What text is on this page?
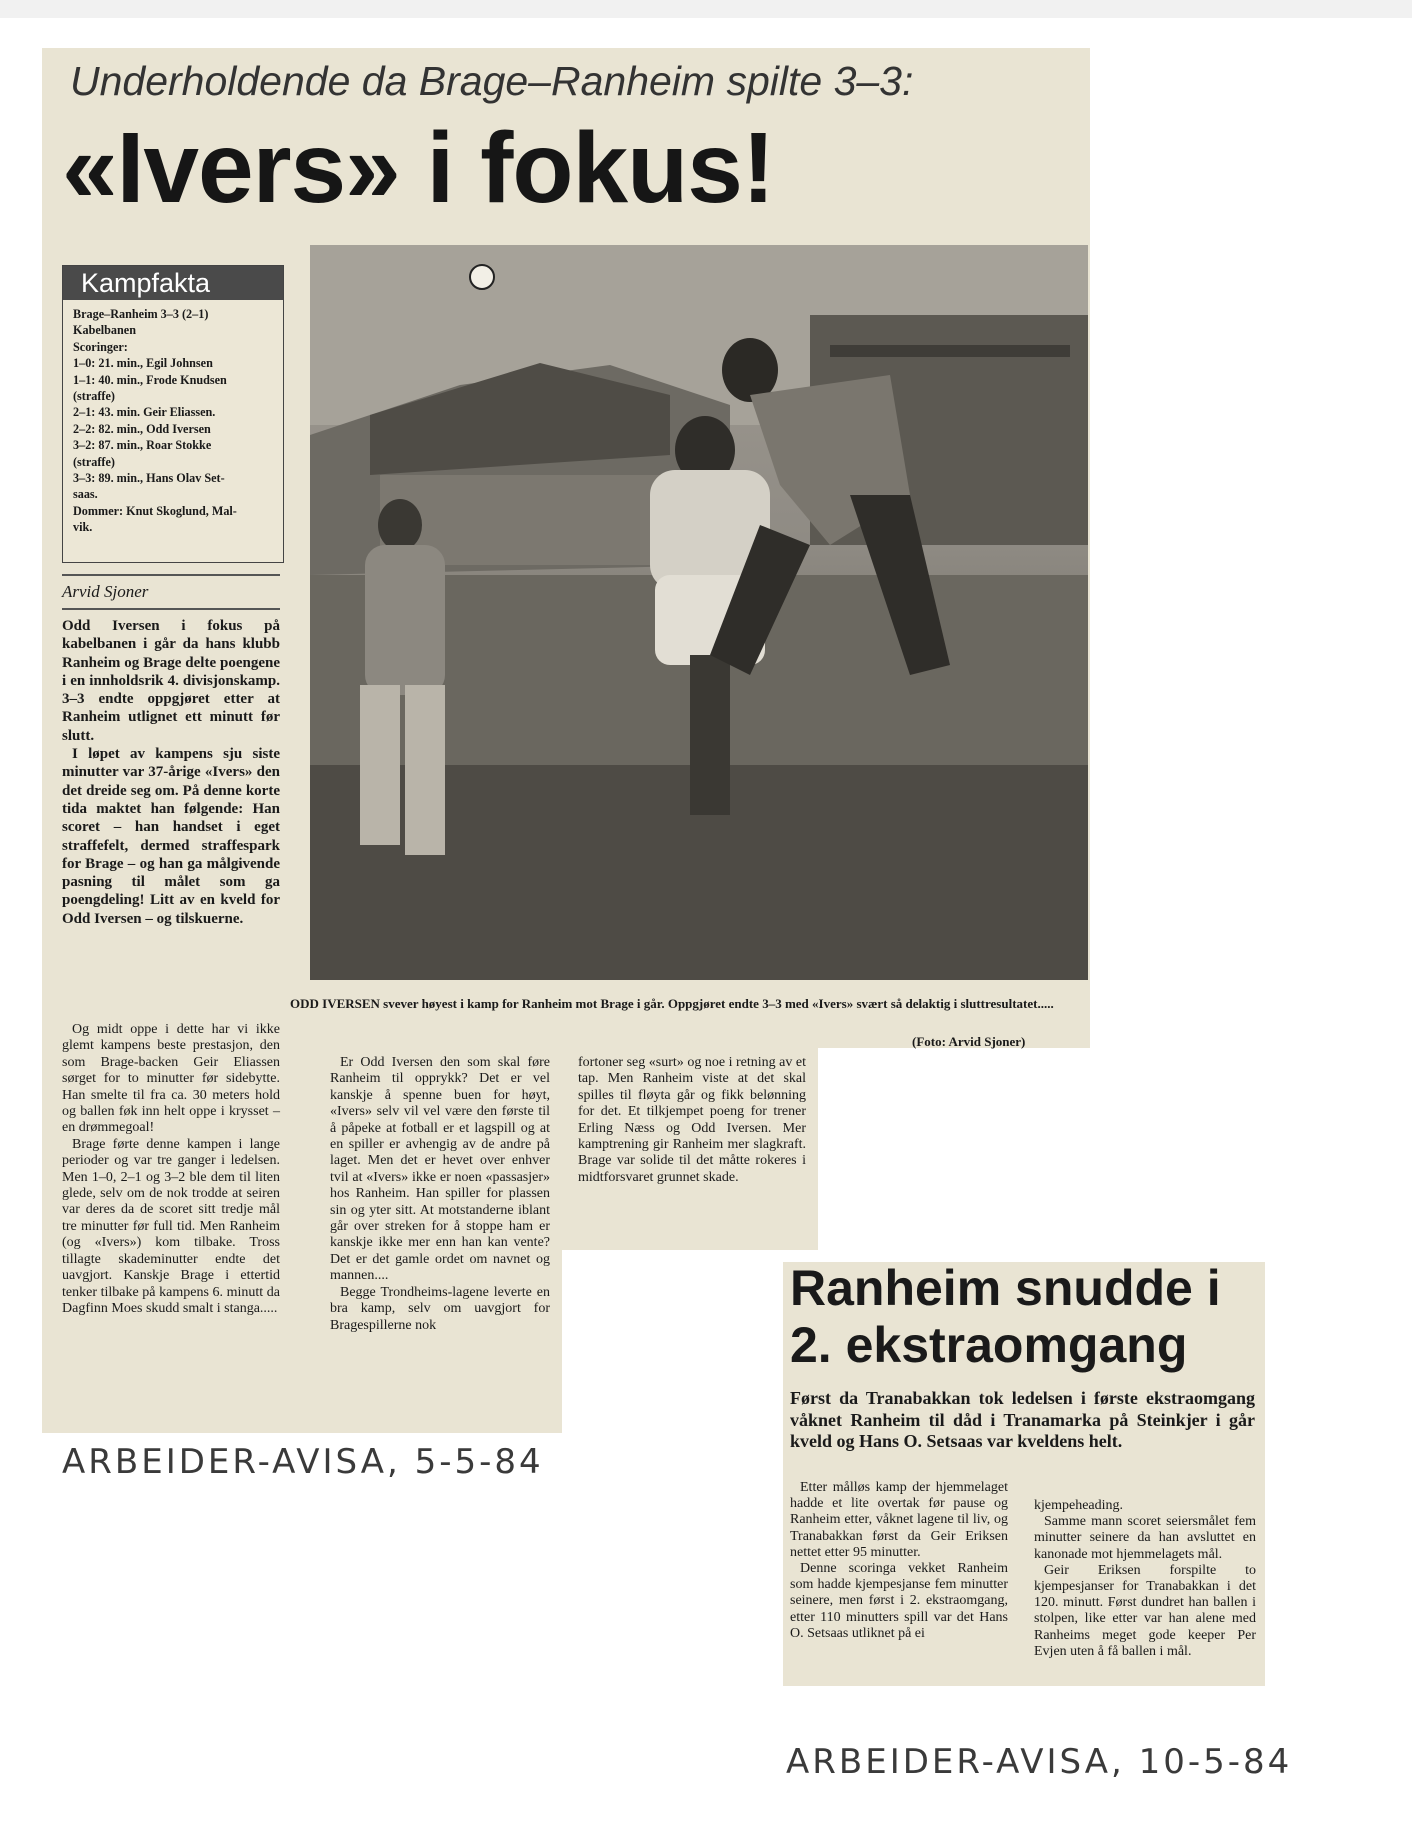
Underholdende da Brage–Ranheim spilte 3–3:
«Ivers» i fokus!
Kampfakta
Brage–Ranheim 3–3 (2–1)
Kabelbanen
Scoringer:
1–0: 21. min., Egil Johnsen
1–1: 40. min., Frode Knudsen
(straffe)
2–1: 43. min. Geir Eliassen.
2–2: 82. min., Odd Iversen
3–2: 87. min., Roar Stokke
(straffe)
3–3: 89. min., Hans Olav Set-
saas.
Dommer: Knut Skoglund, Mal-
vik.
Arvid Sjoner

Odd Iversen i fokus på kabelbanen i går da hans klubb Ranheim og Brage delte poengene i en innholdsrik 4. divisjonskamp. 3–3 endte oppgjøret etter at Ranheim utlignet ett minutt før slutt.

I løpet av kampens sju siste minutter var 37-årige «Ivers» den det dreide seg om. På denne korte tida maktet han følgende: Han scoret – han handset i eget straffefelt, dermed straffespark for Brage – og han ga målgivende pasning til målet som ga poengdeling! Litt av en kveld for Odd Iversen – og tilskuerne.

ODD IVERSEN svever høyest i kamp for Ranheim mot Brage i går. Oppgjøret endte 3–3 med «Ivers» svært så delaktig i sluttresultatet.....
(Foto: Arvid Sjoner)

Og midt oppe i dette har vi ikke glemt kampens beste prestasjon, den som Brage-backen Geir Eliassen sørget for to minutter før sidebytte. Han smelte til fra ca. 30 meters hold og ballen føk inn helt oppe i krysset – en drømmegoal!

Brage førte denne kampen i lange perioder og var tre ganger i ledelsen. Men 1–0, 2–1 og 3–2 ble dem til liten glede, selv om de nok trodde at seiren var deres da de scoret sitt tredje mål tre minutter før full tid. Men Ranheim (og «Ivers») kom tilbake. Tross tillagte skademinutter endte det uavgjort. Kanskje Brage i ettertid tenker tilbake på kampens 6. minutt da Dagfinn Moes skudd smalt i stanga.....

Er Odd Iversen den som skal føre Ranheim til opprykk? Det er vel kanskje å spenne buen for høyt, «Ivers» selv vil vel være den første til å påpeke at fotball er et lagspill og at en spiller er avhengig av de andre på laget. Men det er hevet over enhver tvil at «Ivers» ikke er noen «passasjer» hos Ranheim. Han spiller for plassen sin og yter sitt. At motstanderne iblant går over streken for å stoppe ham er kanskje ikke mer enn han kan vente? Det er det gamle ordet om navnet og mannen....

Begge Trondheims-lagene leverte en bra kamp, selv om uavgjort for Bragespillerne nok

fortoner seg «surt» og noe i retning av et tap. Men Ranheim viste at det skal spilles til fløyta går og fikk belønning for det. Et tilkjempet poeng for trener Erling Næss og Odd Iversen. Mer kamptrening gir Ranheim mer slagkraft. Brage var solide til det måtte rokeres i midtforsvaret grunnet skade.

ARBEIDER-AVISA, 5-5-84
Ranheim snudde i
2. ekstraomgang
Først da Tranabakkan tok ledelsen i første ekstraomgang våknet Ranheim til dåd i Tranamarka på Steinkjer i går kveld og Hans O. Setsaas var kveldens helt.

Etter målløs kamp der hjemmelaget hadde et lite overtak før pause og Ranheim etter, våknet lagene til liv, og Tranabakkan først da Geir Eriksen nettet etter 95 minutter.

Denne scoringa vekket Ranheim som hadde kjempesjanse fem minutter seinere, men først i 2. ekstraomgang, etter 110 minutters spill var det Hans O. Setsaas utliknet på ei

kjempeheading.

Samme mann scoret seiersmålet fem minutter seinere da han avsluttet en kanonade mot hjemmelagets mål.

Geir Eriksen forspilte to kjempesjanser for Tranabakkan i det 120. minutt. Først dundret han ballen i stolpen, like etter var han alene med Ranheims meget gode keeper Per Evjen uten å få ballen i mål.

ARBEIDER-AVISA, 10-5-84
